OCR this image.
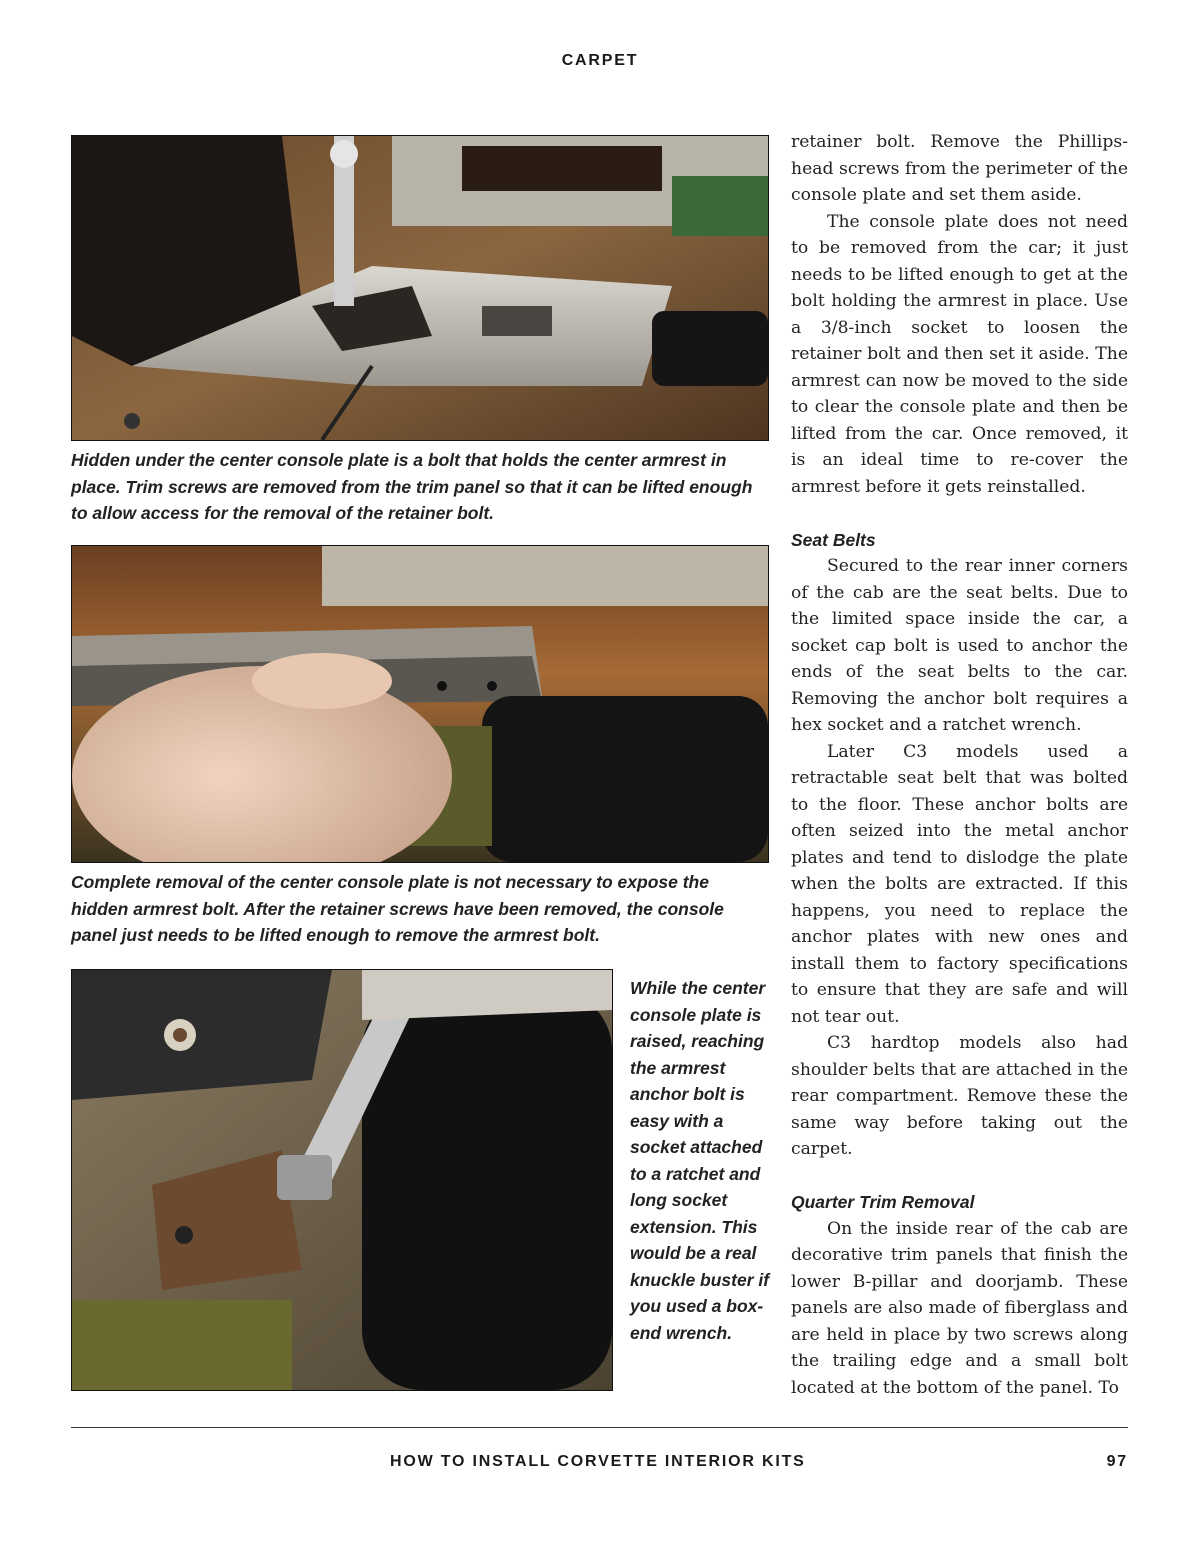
CARPET
Hidden under the center console plate is a bolt that holds the center armrest in place. Trim screws are removed from the trim panel so that it can be lifted enough to allow access for the removal of the retainer bolt.
Complete removal of the center console plate is not necessary to expose the hidden armrest bolt. After the retainer screws have been removed, the console panel just needs to be lifted enough to remove the armrest bolt.
While the center console plate is raised, reaching the armrest anchor bolt is easy with a socket attached to a ratchet and long socket extension. This would be a real knuckle buster if you used a box-end wrench.

retainer bolt. Remove the Phillips-head screws from the perimeter of the console plate and set them aside.

The console plate does not need to be removed from the car; it just needs to be lifted enough to get at the bolt holding the armrest in place. Use a 3/8-inch socket to loosen the retainer bolt and then set it aside. The armrest can now be moved to the side to clear the console plate and then be lifted from the car. Once removed, it is an ideal time to re-cover the armrest before it gets reinstalled.

Seat Belts

Secured to the rear inner corners of the cab are the seat belts. Due to the limited space inside the car, a socket cap bolt is used to anchor the ends of the seat belts to the car. Removing the anchor bolt requires a hex socket and a ratchet wrench.

Later C3 models used a retractable seat belt that was bolted to the floor. These anchor bolts are often seized into the metal anchor plates and tend to dislodge the plate when the bolts are extracted. If this happens, you need to replace the anchor plates with new ones and install them to factory specifications to ensure that they are safe and will not tear out.

C3 hardtop models also had shoulder belts that are attached in the rear compartment. Remove these the same way before taking out the carpet.

Quarter Trim Removal

On the inside rear of the cab are decorative trim panels that finish the lower B-pillar and doorjamb. These panels are also made of fiberglass and are held in place by two screws along the trailing edge and a small bolt located at the bottom of the panel. To

HOW TO INSTALL CORVETTE INTERIOR KITS	97
